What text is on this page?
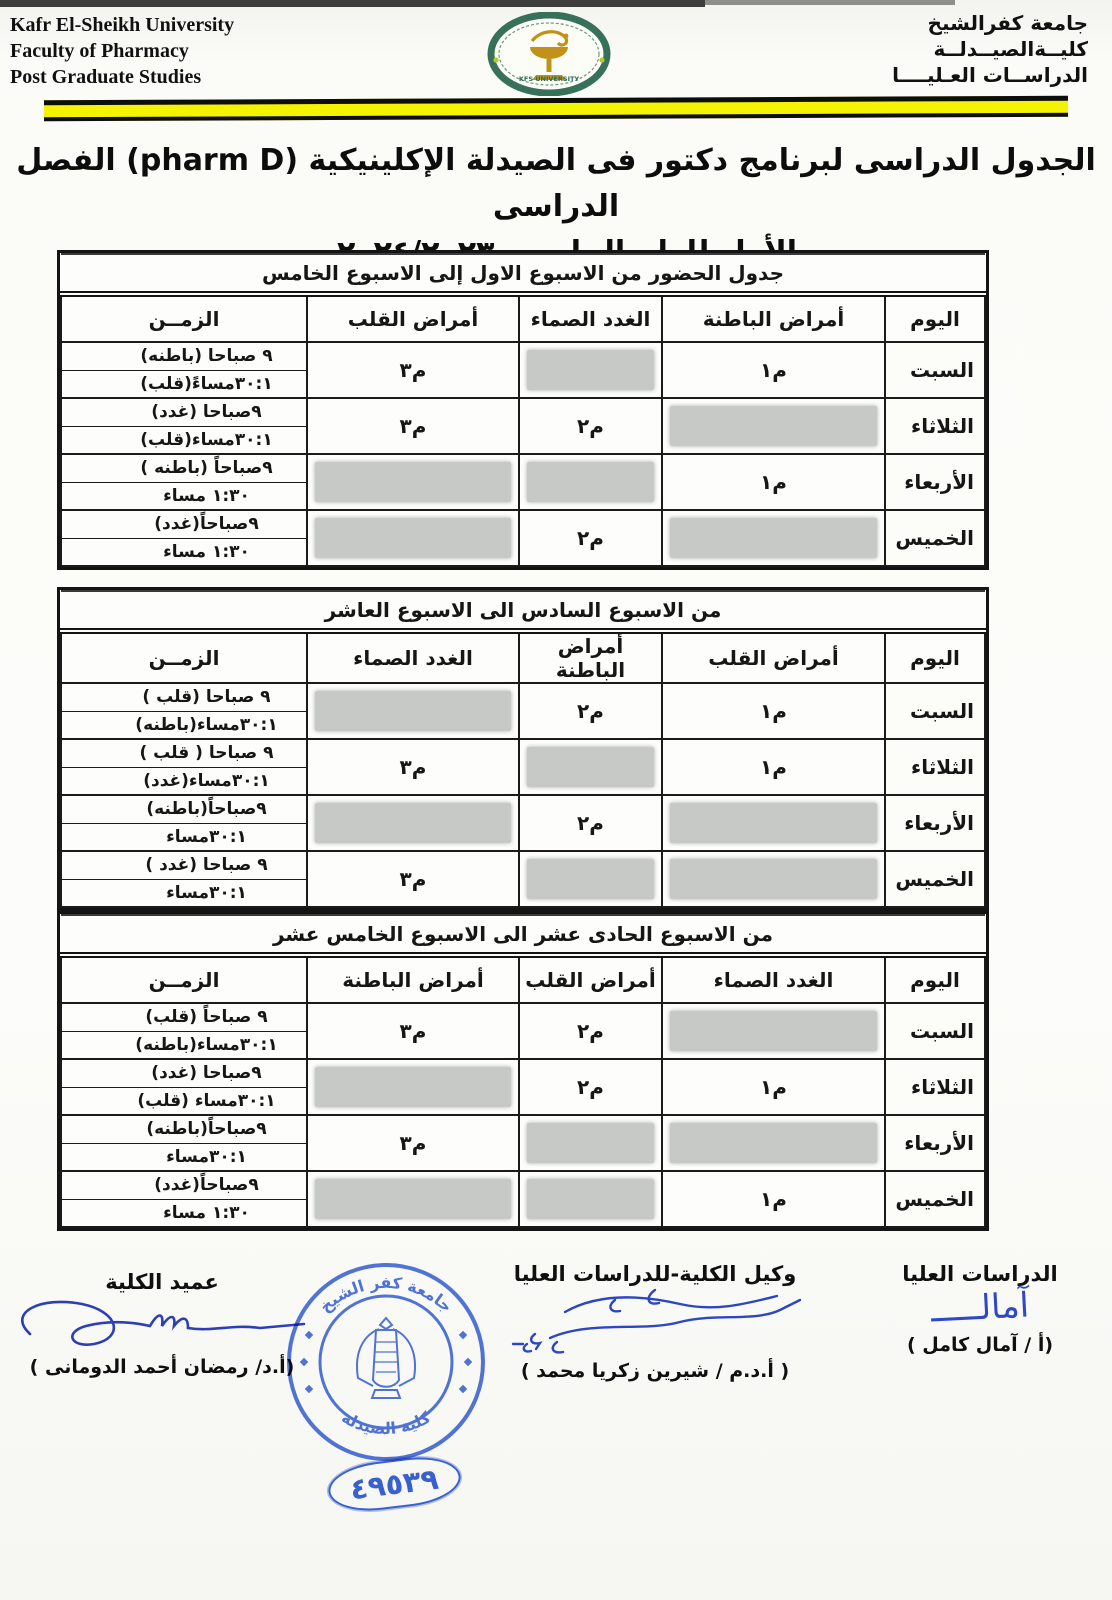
Kafr El-Sheikh University
Faculty of Pharmacy
Post Graduate Studies	KFS UNIVERSITY
جامعة كفرالشيخ
كليــةالصيــدلــة
الدراســات العـليــــا
الجدول الدراسى لبرنامج دكتور فى الصيدلة الإكلينيكية (pharm D) الفصل الدراسى
جدول الحضور من الاسبوع الاول إلى الاسبوع الخامس				
اليوم	أمراض الباطنة	الغدد الصماء	أمراض القلب	الزمــن
السبت	م١		م٣	٩ صباحا (باطنه)
				٣٠:١مساءً(قلب)
الثلاثاء		م٢	م٣	٩صباحا (غدد)
				٣٠:١مساء(قلب)
الأربعاء	م١			٩صباحاً (باطنه )
				١:٣٠ مساء
الخميس		م٢		٩صباحاً(غدد)
				١:٣٠ مساء
من الاسبوع السادس الى الاسبوع العاشر				
اليوم	أمراض القلب	أمراض الباطنة	الغدد الصماء	الزمــن
السبت	م١	م٢		٩ صباحا (قلب )
				٣٠:١مساء(باطنه)
الثلاثاء	م١		م٣	٩ صباحا ( قلب )
				٣٠:١مساء(غدد)
الأربعاء		م٢		٩صباحاً(باطنه)
				٣٠:١مساء
الخميس			م٣	٩ صباحا (غدد )
				٣٠:١مساء
من الاسبوع الحادى عشر الى الاسبوع الخامس عشر				
اليوم	الغدد الصماء	أمراض القلب	أمراض الباطنة	الزمــن
السبت		م٢	م٣	٩ صباحاً (قلب)
				٣٠:١مساء(باطنه)
الثلاثاء	م١	م٢		٩صباحا (غدد)
				٣٠:١مساء (قلب)
الأربعاء			م٣	٩صباحاً(باطنه)
				٣٠:١مساء
الخميس	م١			٩صباحاً(غدد)
				١:٣٠ مساء
الدراسات العليا
آمالـــــ
(أ / آمال كامل )
وكيل الكلية-للدراسات العليا
( أ.د.م / شيرين زكريا محمد )
عميد الكلية
(أ.د/ رمضان أحمد الدومانى )
جامعة كفر الشيخ
كلية الصيدلة
٤٩٥٣٩
